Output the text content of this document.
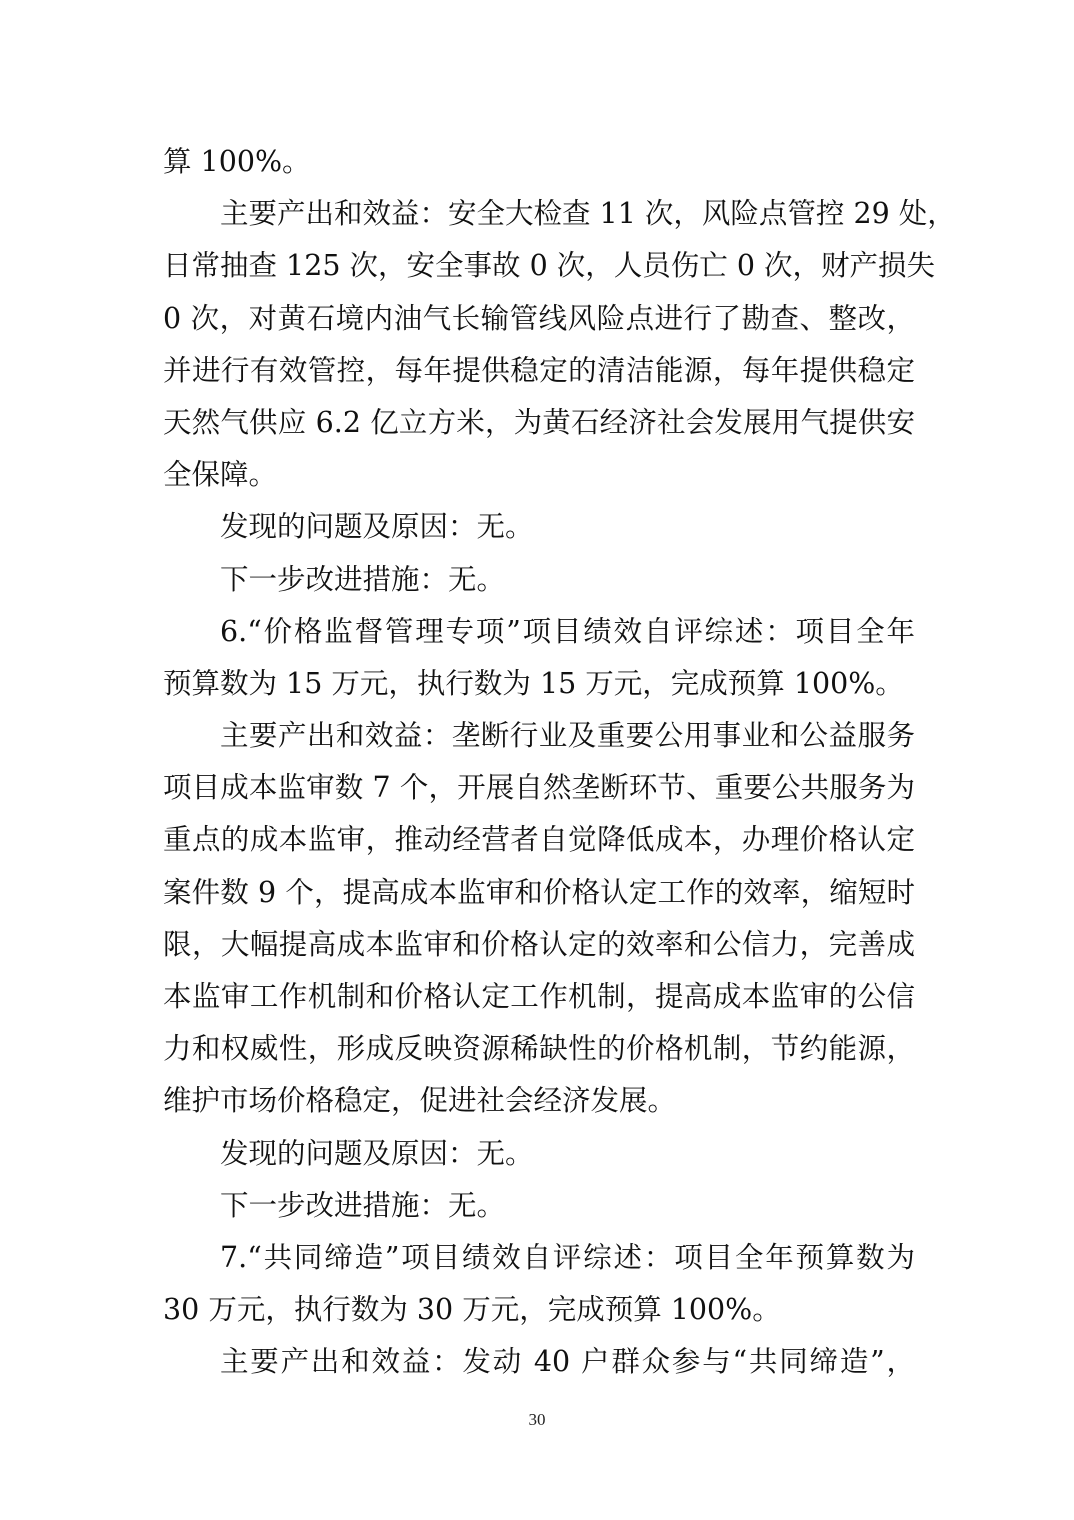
算 100%。
主要产出和效益：安全大检查 11 次，风险点管控 29 处，
日常抽查 125 次，安全事故 0 次，人员伤亡 0 次，财产损失
0 次，对黄石境内油气长输管线风险点进行了勘查、整改，
并进行有效管控，每年提供稳定的清洁能源，每年提供稳定
天然气供应 6.2 亿立方米，为黄石经济社会发展用气提供安
全保障。
发现的问题及原因：无。
下一步改进措施：无。
6.“价格监督管理专项”项目绩效自评综述：项目全年
预算数为 15 万元，执行数为 15 万元，完成预算 100%。
主要产出和效益：垄断行业及重要公用事业和公益服务
项目成本监审数 7 个，开展自然垄断环节、重要公共服务为
重点的成本监审，推动经营者自觉降低成本，办理价格认定
案件数 9 个，提高成本监审和价格认定工作的效率，缩短时
限，大幅提高成本监审和价格认定的效率和公信力，完善成
本监审工作机制和价格认定工作机制，提高成本监审的公信
力和权威性，形成反映资源稀缺性的价格机制，节约能源，
维护市场价格稳定，促进社会经济发展。
发现的问题及原因：无。
下一步改进措施：无。
7.“共同缔造”项目绩效自评综述：项目全年预算数为
30 万元，执行数为 30 万元，完成预算 100%。
主要产出和效益：发动 40 户群众参与“共同缔造”，
30
